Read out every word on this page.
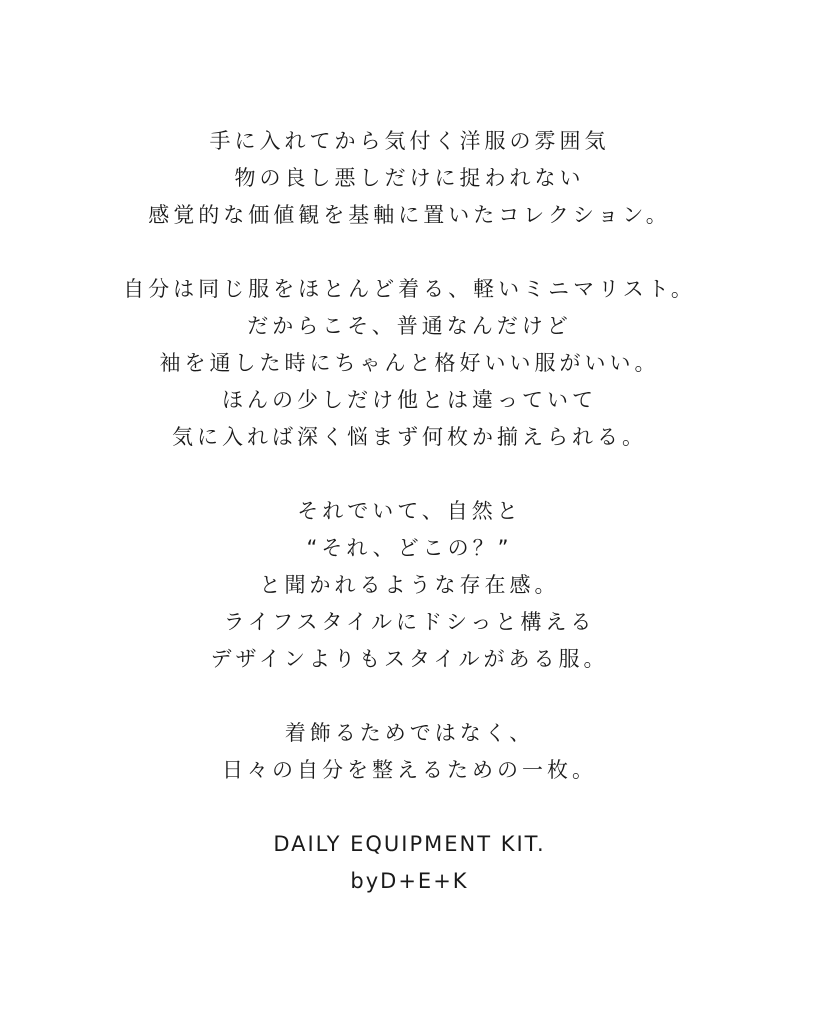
手に入れてから気付く洋服の雰囲気
物の良し悪しだけに捉われない
感覚的な価値観を基軸に置いたコレクション。
自分は同じ服をほとんど着る、軽いミニマリスト。
だからこそ、普通なんだけど
袖を通した時にちゃんと格好いい服がいい。
ほんの少しだけ他とは違っていて
気に入れば深く悩まず何枚か揃えられる。
それでいて、自然と
“それ、どこの？”
と聞かれるような存在感。
ライフスタイルにドシっと構える
デザインよりもスタイルがある服。
着飾るためではなく、
日々の自分を整えるための一枚。
DAILY EQUIPMENT KIT.
byD+E+K
